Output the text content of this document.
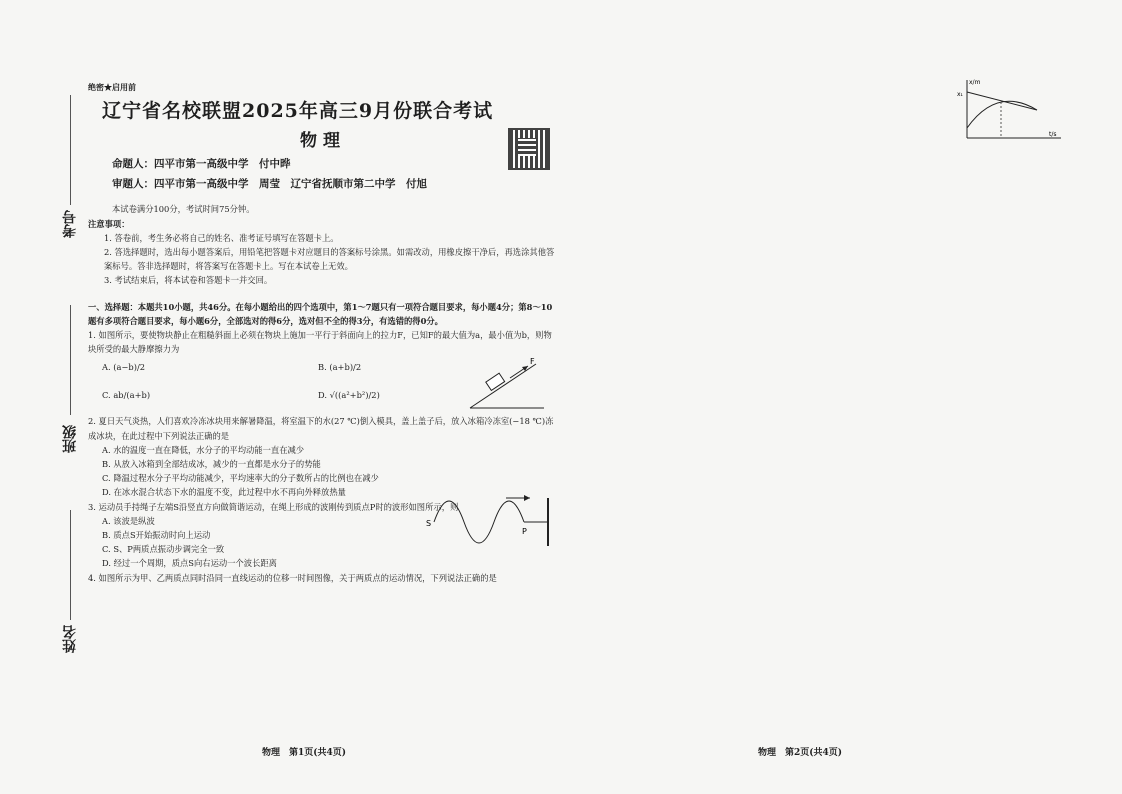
考号
班级
姓名
绝密★启用前
辽宁省名校联盟2025年高三9月份联合考试
物理
命题人：四平市第一高级中学　付中晔
审题人：四平市第一高级中学　周莹　辽宁省抚顺市第二中学　付旭
本试卷满分100分，考试时间75分钟。
注意事项：
1. 答卷前，考生务必将自己的姓名、准考证号填写在答题卡上。
2. 答选择题时，选出每小题答案后，用铅笔把答题卡对应题目的答案标号涂黑。如需改动，用橡皮擦干净后，再选涂其他答案标号。答非选择题时，将答案写在答题卡上。写在本试卷上无效。
3. 考试结束后，将本试卷和答题卡一并交回。
一、选择题：本题共10小题，共46分。在每小题给出的四个选项中，第1～7题只有一项符合题目要求，每小题4分；第8～10题有多项符合题目要求，每小题6分，全部选对的得6分，选对但不全的得3分，有选错的得0分。
1. 如图所示，要使物块静止在粗糙斜面上必须在物块上施加一平行于斜面向上的拉力F，已知F的最大值为a，最小值为b，则物块所受的最大静摩擦力为
A. (a−b)/2	B. (a+b)/2
C. ab/(a+b)	D. √((a²+b²)/2)
F
2. 夏日天气炎热，人们喜欢冷冻冰块用来解暑降温，将室温下的水(27 ℃)倒入模具，盖上盖子后，放入冰箱冷冻室(−18 ℃)冻成冰块，在此过程中下列说法正确的是
A. 水的温度一直在降低，水分子的平均动能一直在减少
B. 从放入冰箱到全部结成冰，减少的一直都是水分子的势能
C. 降温过程水分子平均动能减少，平均速率大的分子数所占的比例也在减少
D. 在冰水混合状态下水的温度不变，此过程中水不再向外释放热量
3. 运动员手持绳子左端S沿竖直方向做简谐运动，在绳上形成的波刚传到质点P时的波形如图所示，则
A. 该波是纵波
B. 质点S开始振动时向上运动
C. S、P两质点振动步调完全一致
D. 经过一个周期，质点S向右运动一个波长距离
S
P
4. 如图所示为甲、乙两质点同时沿同一直线运动的位移一时间图像，关于两质点的运动情况，下列说法正确的是
物理　第1页(共4页)
x/m
x₁
t/s
物理　第2页(共4页)
